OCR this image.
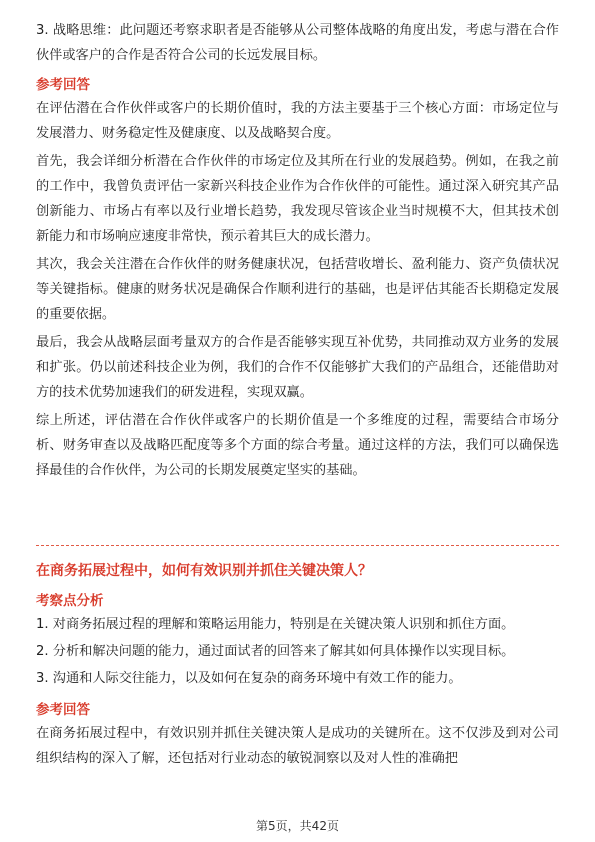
3. 战略思维：此问题还考察求职者是否能够从公司整体战略的角度出发，考虑与潜在合作伙伴或客户的合作是否符合公司的长远发展目标。

参考回答

在评估潜在合作伙伴或客户的长期价值时，我的方法主要基于三个核心方面：市场定位与发展潜力、财务稳定性及健康度、以及战略契合度。

首先，我会详细分析潜在合作伙伴的市场定位及其所在行业的发展趋势。例如，在我之前的工作中，我曾负责评估一家新兴科技企业作为合作伙伴的可能性。通过深入研究其产品创新能力、市场占有率以及行业增长趋势，我发现尽管该企业当时规模不大，但其技术创新能力和市场响应速度非常快，预示着其巨大的成长潜力。

其次，我会关注潜在合作伙伴的财务健康状况，包括营收增长、盈利能力、资产负债状况等关键指标。健康的财务状况是确保合作顺利进行的基础，也是评估其能否长期稳定发展的重要依据。

最后，我会从战略层面考量双方的合作是否能够实现互补优势，共同推动双方业务的发展和扩张。仍以前述科技企业为例，我们的合作不仅能够扩大我们的产品组合，还能借助对方的技术优势加速我们的研发进程，实现双赢。

综上所述，评估潜在合作伙伴或客户的长期价值是一个多维度的过程，需要结合市场分析、财务审查以及战略匹配度等多个方面的综合考量。通过这样的方法，我们可以确保选择最佳的合作伙伴，为公司的长期发展奠定坚实的基础。

在商务拓展过程中，如何有效识别并抓住关键决策人？
考察点分析
1. 对商务拓展过程的理解和策略运用能力，特别是在关键决策人识别和抓住方面。
2. 分析和解决问题的能力，通过面试者的回答来了解其如何具体操作以实现目标。
3. 沟通和人际交往能力，以及如何在复杂的商务环境中有效工作的能力。
参考回答

在商务拓展过程中，有效识别并抓住关键决策人是成功的关键所在。这不仅涉及到对公司组织结构的深入了解，还包括对行业动态的敏锐洞察以及对人性的准确把

第5页，共42页
